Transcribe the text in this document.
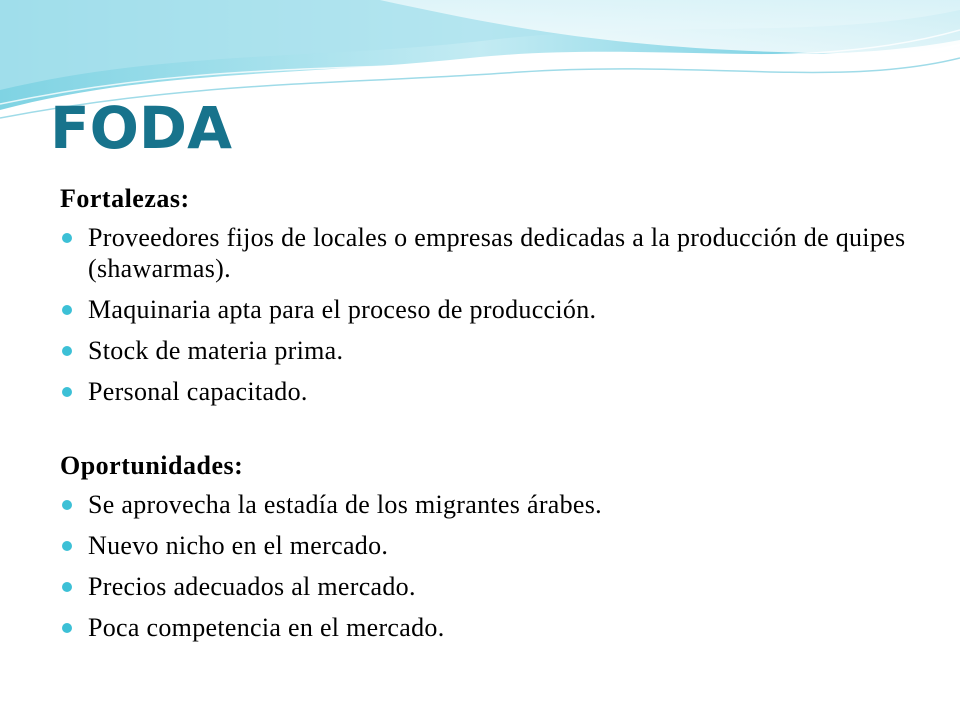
FODA
Fortalezas:
Proveedores fijos de locales o empresas dedicadas a la producción de quipes (shawarmas).
Maquinaria apta para el proceso de producción.
Stock de materia prima.
Personal capacitado.
Oportunidades:
Se aprovecha la estadía de los migrantes árabes.
Nuevo nicho en el mercado.
Precios adecuados al mercado.
Poca competencia en el mercado.
